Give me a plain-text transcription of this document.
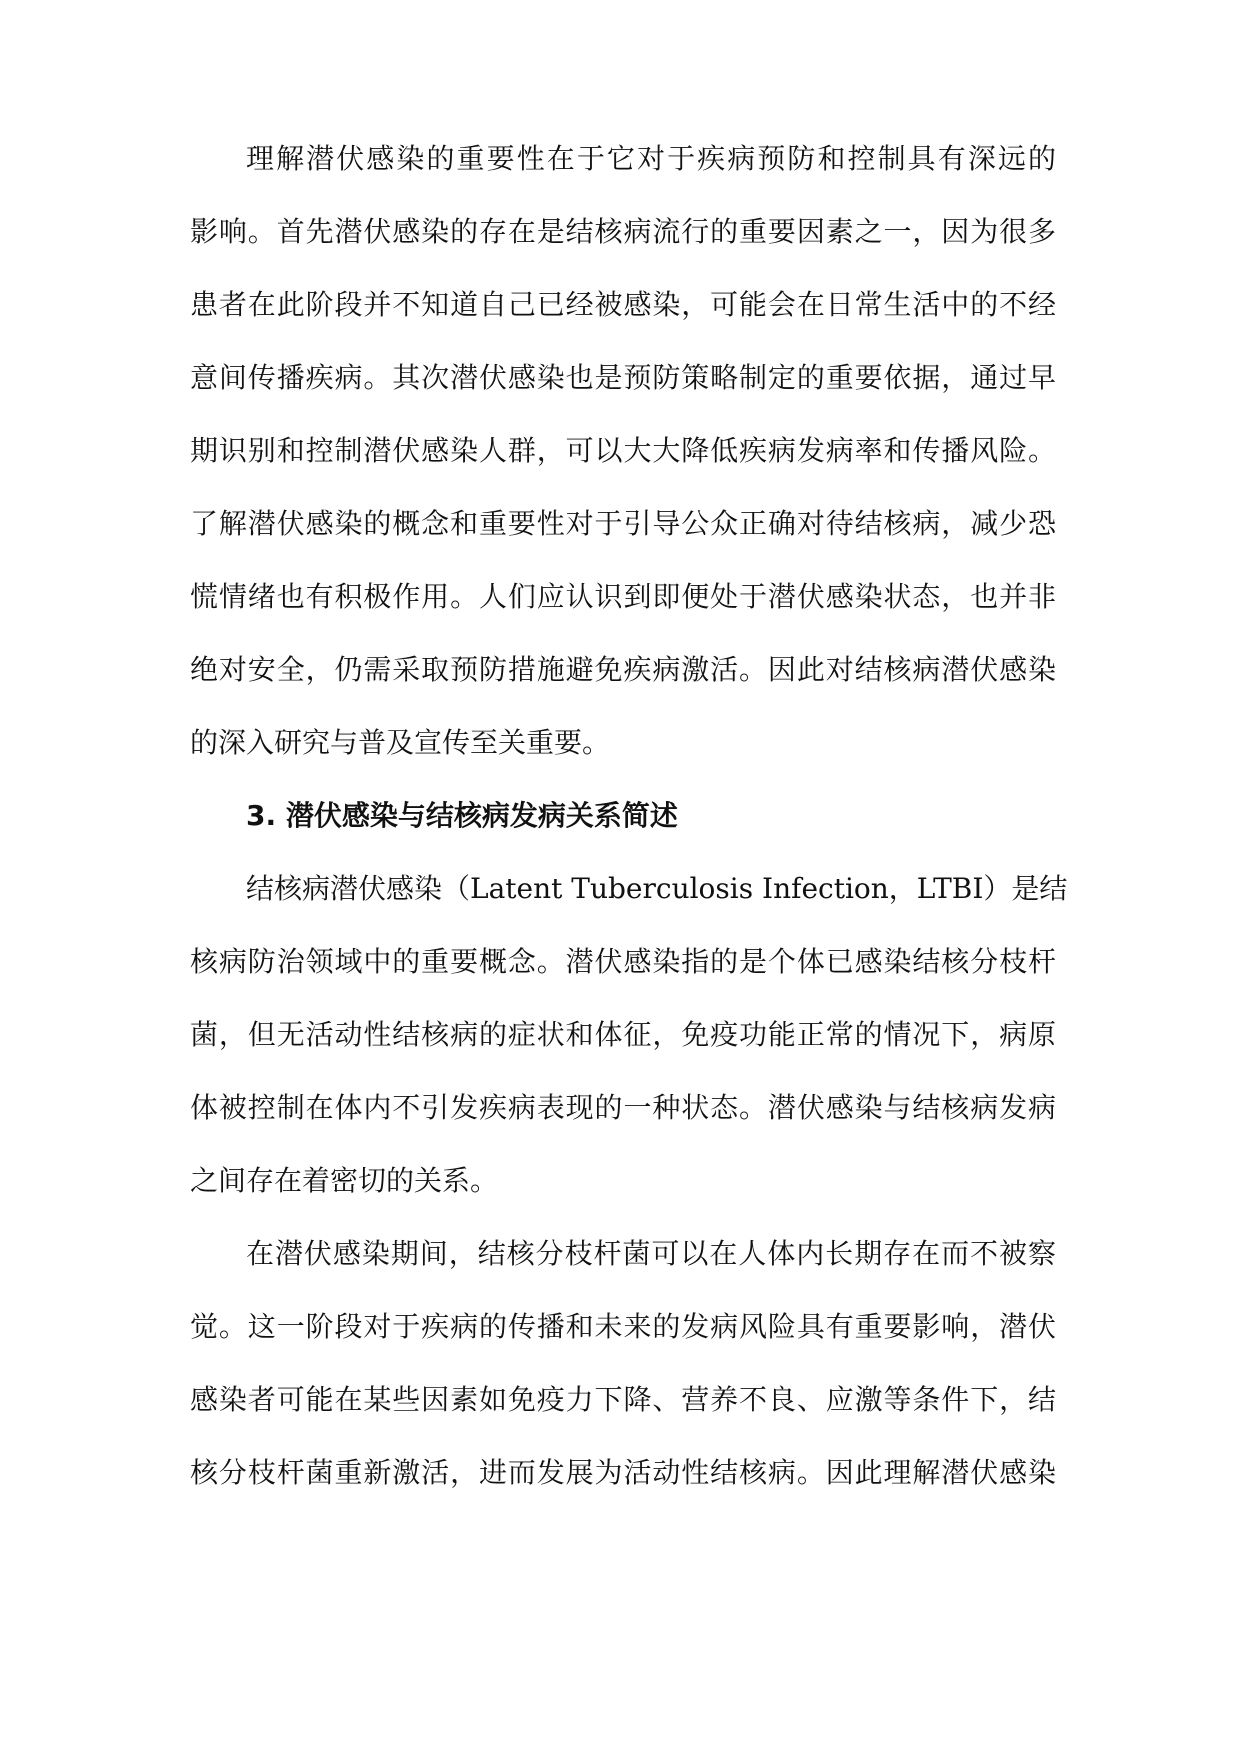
理解潜伏感染的重要性在于它对于疾病预防和控制具有深远的
影响。首先潜伏感染的存在是结核病流行的重要因素之一，因为很多
患者在此阶段并不知道自己已经被感染，可能会在日常生活中的不经
意间传播疾病。其次潜伏感染也是预防策略制定的重要依据，通过早
期识别和控制潜伏感染人群，可以大大降低疾病发病率和传播风险。
了解潜伏感染的概念和重要性对于引导公众正确对待结核病，减少恐
慌情绪也有积极作用。人们应认识到即便处于潜伏感染状态，也并非
绝对安全，仍需采取预防措施避免疾病激活。因此对结核病潜伏感染
的深入研究与普及宣传至关重要。
3. 潜伏感染与结核病发病关系简述
结核病潜伏感染（Latent Tuberculosis Infection，LTBI）是结
核病防治领域中的重要概念。潜伏感染指的是个体已感染结核分枝杆
菌，但无活动性结核病的症状和体征，免疫功能正常的情况下，病原
体被控制在体内不引发疾病表现的一种状态。潜伏感染与结核病发病
之间存在着密切的关系。
在潜伏感染期间，结核分枝杆菌可以在人体内长期存在而不被察
觉。这一阶段对于疾病的传播和未来的发病风险具有重要影响，潜伏
感染者可能在某些因素如免疫力下降、营养不良、应激等条件下，结
核分枝杆菌重新激活，进而发展为活动性结核病。因此理解潜伏感染
